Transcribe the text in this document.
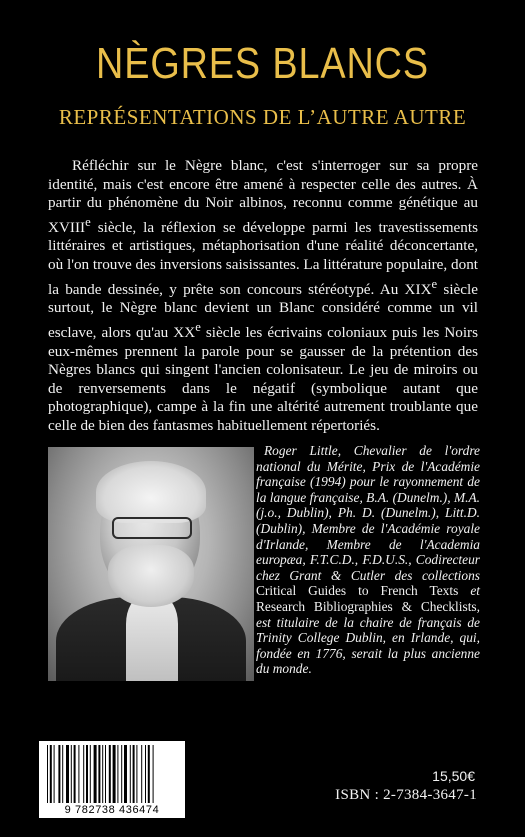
NÈGRES BLANCS
REPRÉSENTATIONS DE L’AUTRE AUTRE

Réfléchir sur le Nègre blanc, c'est s'interroger sur sa propre identité, mais c'est encore être amené à respecter celle des autres. À partir du phénomène du Noir albinos, reconnu comme génétique au XVIIIe siècle, la réflexion se développe parmi les travestissements littéraires et artistiques, métaphorisation d'une réalité déconcertante, où l'on trouve des inversions saisissantes. La littérature populaire, dont la bande dessinée, y prête son concours stéréotypé. Au XIXe siècle surtout, le Nègre blanc devient un Blanc considéré comme un vil esclave, alors qu'au XXe siècle les écrivains coloniaux puis les Noirs eux-mêmes prennent la parole pour se gausser de la prétention des Nègres blancs qui singent l'ancien colonisateur. Le jeu de miroirs ou de renversements dans le négatif (symbolique autant que photographique), campe à la fin une altérité autrement troublante que celle de bien des fantasmes habituellement répertoriés.

Roger Little, Chevalier de l'ordre national du Mérite, Prix de l'Académie française (1994) pour le rayonnement de la langue française, B.A. (Dunelm.), M.A. (j.o., Dublin), Ph. D. (Dunelm.), Litt.D. (Dublin), Membre de l'Académie royale d'Irlande, Membre de l'Academia europæa, F.T.C.D., F.D.U.S., Codirecteur chez Grant & Cutler des collections Critical Guides to French Texts et Research Bibliographies & Checklists, est titulaire de la chaire de français de Trinity College Dublin, en Irlande, qui, fondée en 1776, serait la plus ancienne du monde.
9 782738 436474
15,50€
ISBN : 2-7384-3647-1
